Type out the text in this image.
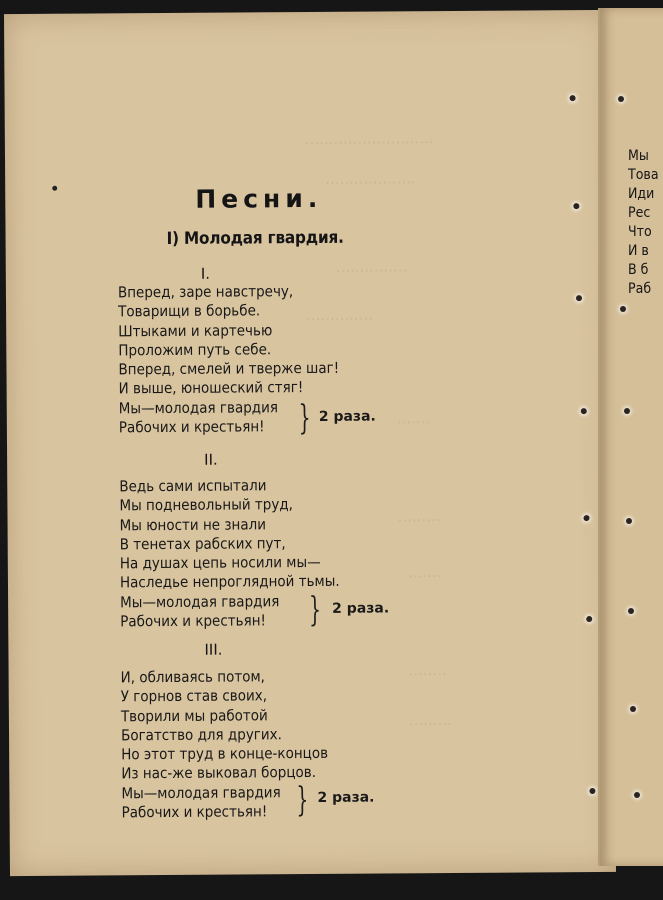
...........................
...................
...............
..............
.......
.........
.......
........
.........
Песни.
I) Молодая гвардия.
I.
Вперед, заре навстречу,
Товарищи в борьбе.
Штыками и картечью
Проложим путь себе.
Вперед, смелей и тверже шаг!
И выше, юношеский стяг!
Мы—молодая гвардия
Рабочих и крестьян! } 2 раза.
II.
Ведь сами испытали
Мы подневольный труд,
Мы юности не знали
В тенетах рабских пут,
На душах цепь носили мы—
Наследье непроглядной тьмы.
Мы—молодая гвардия
Рабочих и крестьян!	} 2 раза.
III.
И, обливаясь потом,
У горнов став своих,
Творили мы работой
Богатство для других.
Но этот труд в конце-концов
Из нас-же выковал борцов.
Мы—молодая гвардия
Рабочих и крестьян! } 2 раза.
Мы
Това
Иди
Рес
Что
И в
В б
Раб
